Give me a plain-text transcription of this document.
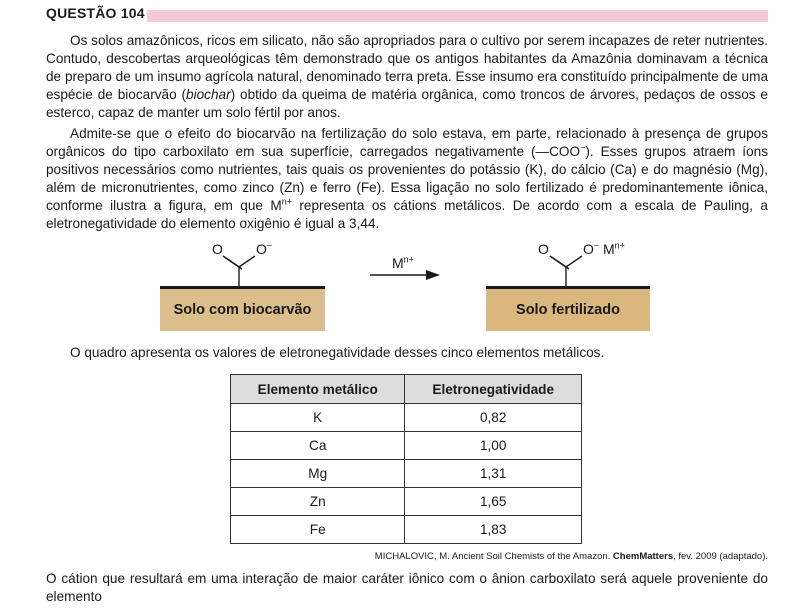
QUESTÃO 104

Os solos amazônicos, ricos em silicato, não são apropriados para o cultivo por serem incapazes de reter nutrientes. Contudo, descobertas arqueológicas têm demonstrado que os antigos habitantes da Amazônia dominavam a técnica de preparo de um insumo agrícola natural, denominado terra preta. Esse insumo era constituído principalmente de uma espécie de biocarvão (biochar) obtido da queima de matéria orgânica, como troncos de árvores, pedaços de ossos e esterco, capaz de manter um solo fértil por anos.

Admite-se que o efeito do biocarvão na fertilização do solo estava, em parte, relacionado à presença de grupos orgânicos do tipo carboxilato em sua superfície, carregados negativamente (—COO−). Esses grupos atraem íons positivos necessários como nutrientes, tais quais os provenientes do potássio (K), do cálcio (Ca) e do magnésio (Mg), além de micronutrientes, como zinco (Zn) e ferro (Fe). Essa ligação no solo fertilizado é predominantemente iônica, conforme ilustra a figura, em que $M^{n+}$ representa os cátions metálicos. De acordo com a escala de Pauling, a eletronegatividade do elemento oxigênio é igual a 3,44.

O O−
$M^{n+}$
O O− $M^{n+}$
Solo com biocarvão	Solo fertilizado

O quadro apresenta os valores de eletronegatividade desses cinco elementos metálicos.

Elemento metálico	Eletronegatividade
K	0,82
Ca	1,00
Mg	1,31
Zn	1,65
Fe	1,83
MICHALOVIC, M. Ancient Soil Chemists of the Amazon. ChemMatters, fev. 2009 (adaptado).

O cátion que resultará em uma interação de maior caráter iônico com o ânion carboxilato será aquele proveniente do elemento
